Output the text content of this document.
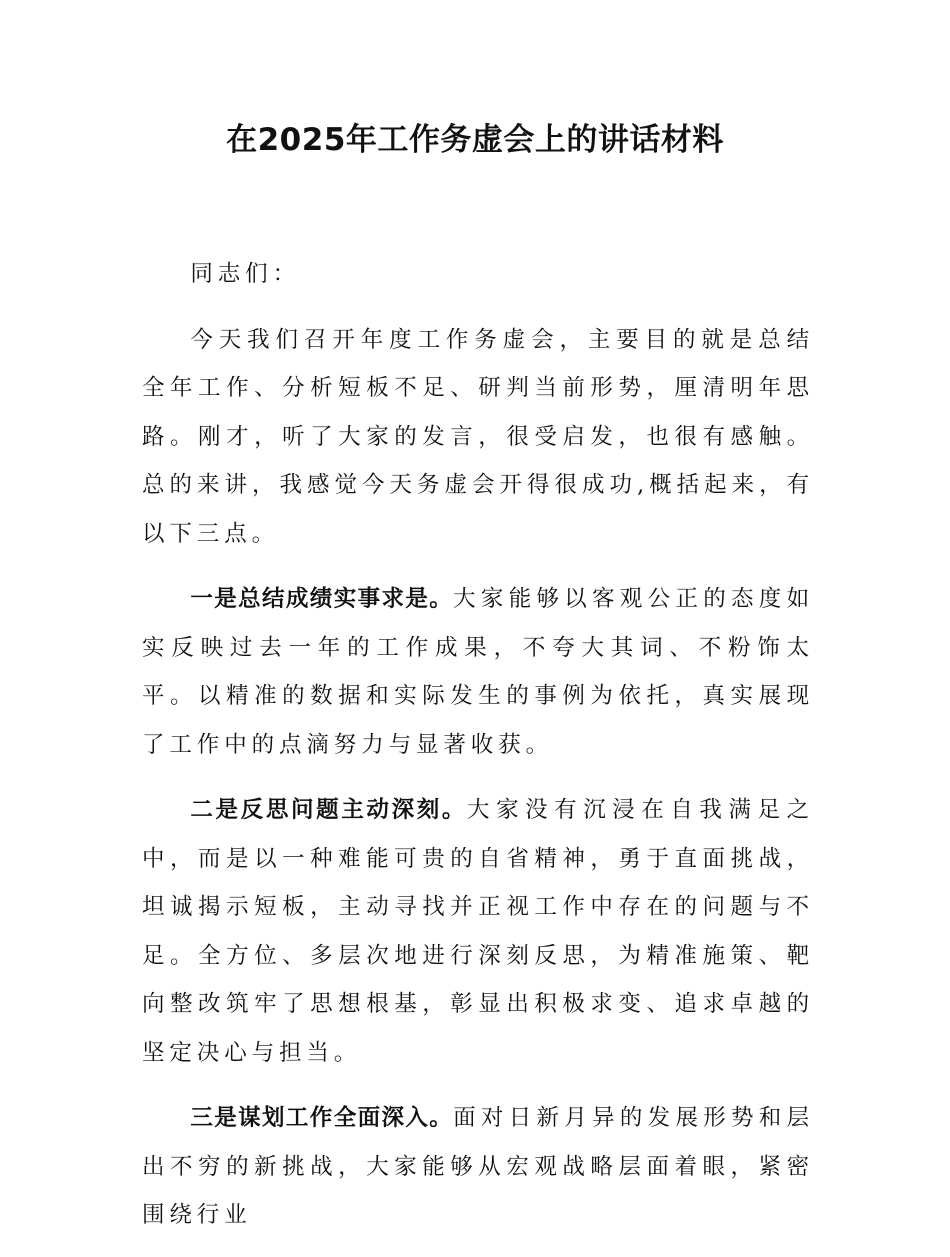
在2025年工作务虚会上的讲话材料

同志们：

今天我们召开年度工作务虚会，主要目的就是总结全年工作、分析短板不足、研判当前形势，厘清明年思路。刚才，听了大家的发言，很受启发，也很有感触。总的来讲，我感觉今天务虚会开得很成功,概括起来，有以下三点。

一是总结成绩实事求是。大家能够以客观公正的态度如实反映过去一年的工作成果，不夸大其词、不粉饰太平。以精准的数据和实际发生的事例为依托，真实展现了工作中的点滴努力与显著收获。

二是反思问题主动深刻。大家没有沉浸在自我满足之中，而是以一种难能可贵的自省精神，勇于直面挑战，坦诚揭示短板，主动寻找并正视工作中存在的问题与不足。全方位、多层次地进行深刻反思，为精准施策、靶向整改筑牢了思想根基，彰显出积极求变、追求卓越的坚定决心与担当。

三是谋划工作全面深入。面对日新月异的发展形势和层出不穷的新挑战，大家能够从宏观战略层面着眼，紧密围绕行业
